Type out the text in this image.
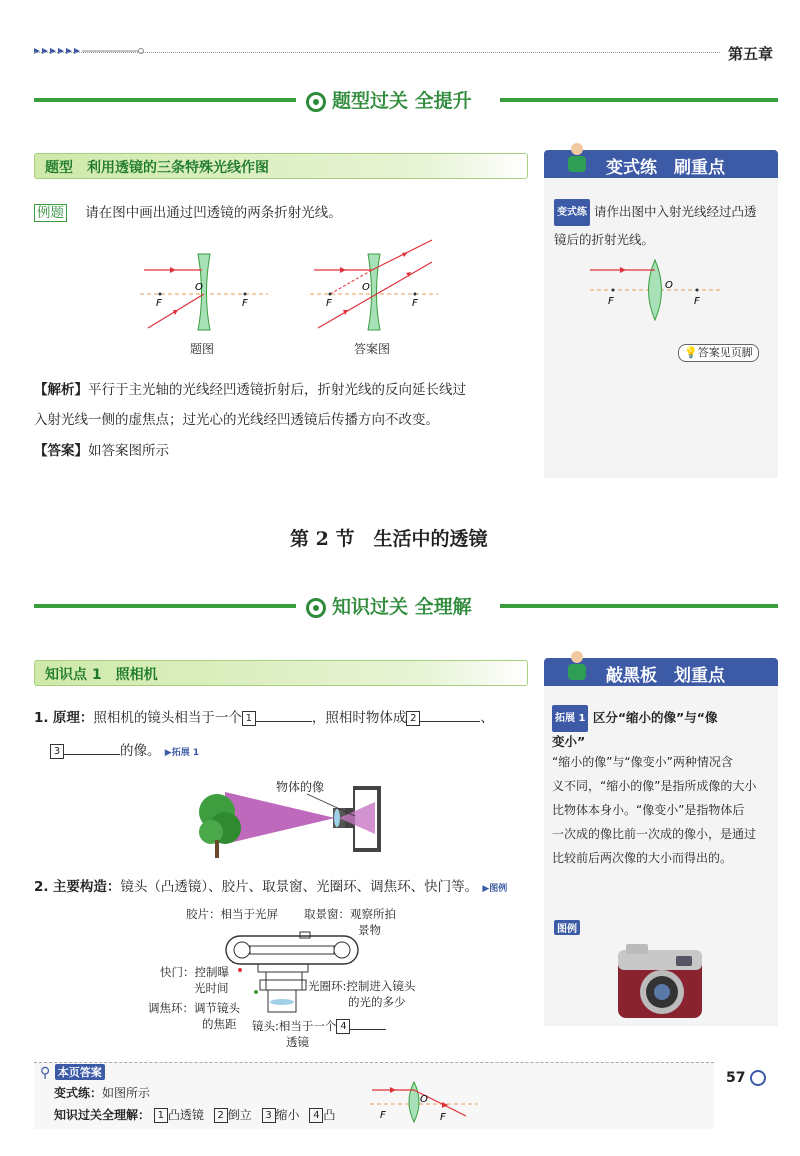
第五章
题型过关 全提升
题型　利用透镜的三条特殊光线作图	变式练　刷重点
变式练 请作出图中入射光线经过凸透
镜后的折射光线。
F
O
F
💡答案见页脚
例题 请在图中画出通过凹透镜的两条折射光线。
F
O
F
题图
F
O
F
答案图
【解析】平行于主光轴的光线经凹透镜折射后，折射光线的反向延长线过
入射光线一侧的虚焦点；过光心的光线经凹透镜后传播方向不改变。
【答案】如答案图所示
第 2 节　生活中的透镜
知识过关 全理解
知识点 1　照相机	敲黑板　划重点
拓展 1 区分“缩小的像”与“像
变小”
“缩小的像”与“像变小”两种情况含
义不同，“缩小的像”是指所成像的大小
比物体本身小。“像变小”是指物体后
一次成的像比前一次成的像小，是通过
比较前后两次像的大小而得出的。
图例
1. 原理：照相机的镜头相当于一个 1	，照相时物体成 2	、
3	的像。 ▶拓展 1
物体的像
2. 主要构造：镜头（凸透镜）、胶片、取景窗、光圈环、调焦环、快门等。 ▶图例
胶片：相当于光屏 取景窗：观察所拍
景物
快门：控制曝
光时间	光圈环:控制进入镜头
的光的多少
调焦环：调节镜头
的焦距 镜头:相当于一个 4
透镜
⚲ 本页答案
变式练：如图所示
知识过关全理解： 1 凸透镜 2 倒立 3 缩小 4 凸	F
O
F
57
